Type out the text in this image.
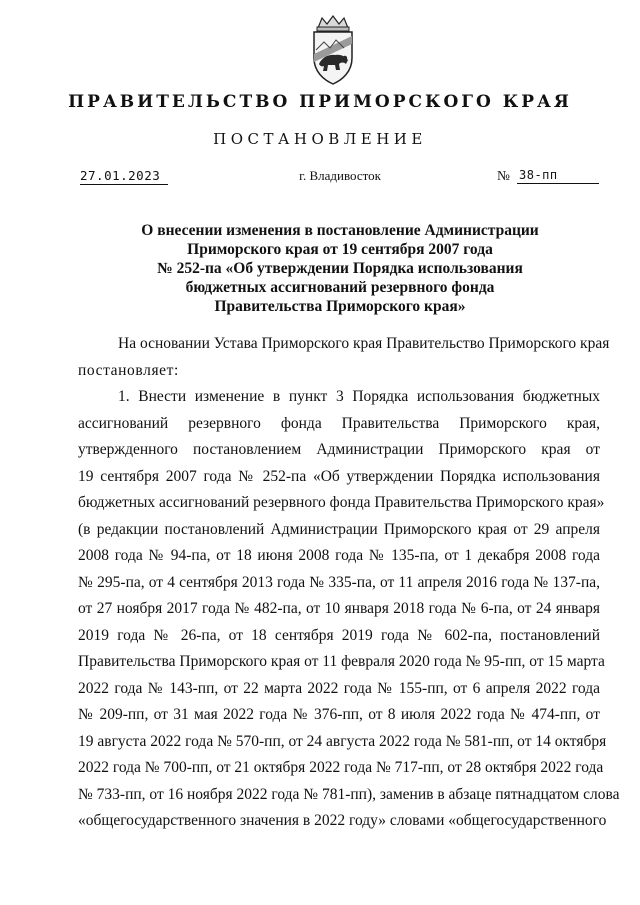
ПРАВИТЕЛЬСТВО ПРИМОРСКОГО КРАЯ
ПОСТАНОВЛЕНИЕ
27.01.2023	г. Владивосток	№ 38-пп
О внесении изменения в постановление Администрации
Приморского края от 19 сентября 2007 года
№ 252-па «Об утверждении Порядка использования
бюджетных ассигнований резервного фонда
Правительства Приморского края»
На основании Устава Приморского края Правительство Приморского края
постановляет:
1. Внести изменение в пункт 3 Порядка использования бюджетных
ассигнований резервного фонда Правительства Приморского края,
утвержденного постановлением Администрации Приморского края от
19 сентября 2007 года № 252-па «Об утверждении Порядка использования
бюджетных ассигнований резервного фонда Правительства Приморского края»
(в редакции постановлений Администрации Приморского края от 29 апреля
2008 года № 94-па, от 18 июня 2008 года № 135-па, от 1 декабря 2008 года
№ 295-па, от 4 сентября 2013 года № 335-па, от 11 апреля 2016 года № 137-па,
от 27 ноября 2017 года № 482-па, от 10 января 2018 года № 6-па, от 24 января
2019 года № 26-па, от 18 сентября 2019 года № 602-па, постановлений
Правительства Приморского края от 11 февраля 2020 года № 95-пп, от 15 марта
2022 года № 143-пп, от 22 марта 2022 года № 155-пп, от 6 апреля 2022 года
№ 209-пп, от 31 мая 2022 года № 376-пп, от 8 июля 2022 года № 474-пп, от
19 августа 2022 года № 570-пп, от 24 августа 2022 года № 581-пп, от 14 октября
2022 года № 700-пп, от 21 октября 2022 года № 717-пп, от 28 октября 2022 года
№ 733-пп, от 16 ноября 2022 года № 781-пп), заменив в абзаце пятнадцатом слова
«общегосударственного значения в 2022 году» словами «общегосударственного
